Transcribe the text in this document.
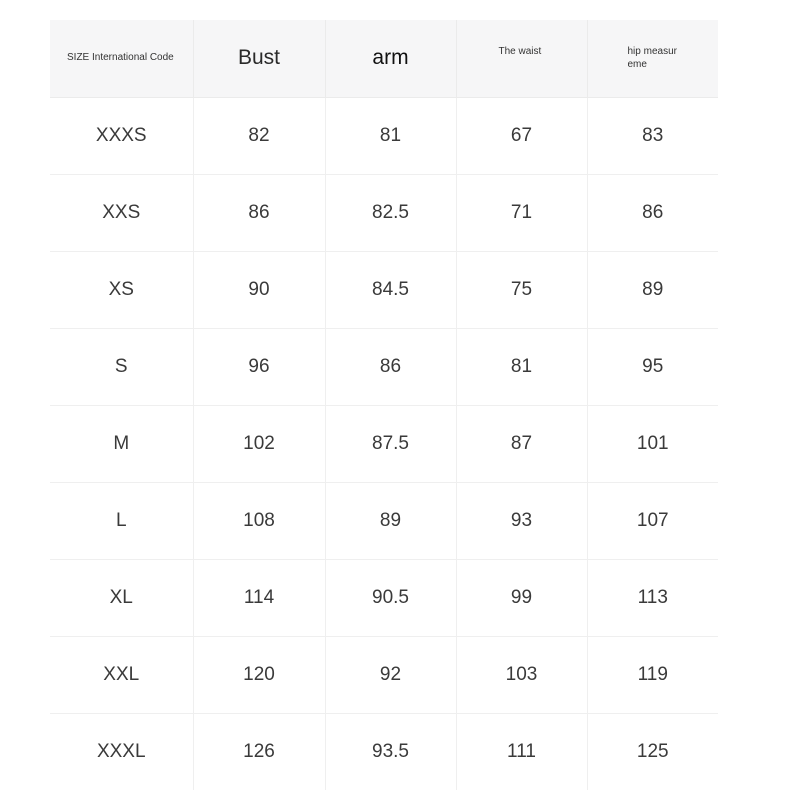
SIZE International Code	Bust	arm	The waist	hip measureme

XXXS	82	81	67	83
XXS	86	82.5	71	86
XS	90	84.5	75	89
S	96	86	81	95
M	102	87.5	87	101
L	108	89	93	107
XL	114	90.5	99	113
XXL	120	92	103	119
XXXL	126	93.5	111	125
